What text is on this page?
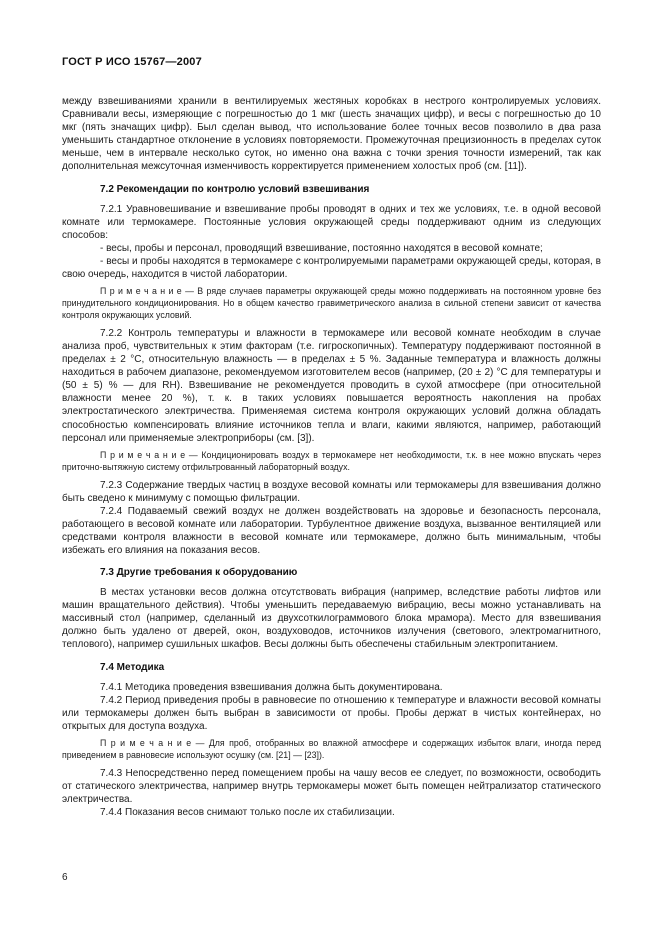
ГОСТ Р ИСО 15767—2007

между взвешиваниями хранили в вентилируемых жестяных коробках в нестрого контролируемых условиях. Сравнивали весы, измеряющие с погрешностью до 1 мкг (шесть значащих цифр), и весы с погрешностью до 10 мкг (пять значащих цифр). Был сделан вывод, что использование более точных весов позволило в два раза уменьшить стандартное отклонение в условиях повторяемости. Промежуточная прецизионность в пределах суток меньше, чем в интервале несколько суток, но именно она важна с точки зрения точности измерений, так как дополнительная межсуточная изменчивость корректируется применением холостых проб (см. [11]).

7.2 Рекомендации по контролю условий взвешивания

7.2.1 Уравновешивание и взвешивание пробы проводят в одних и тех же условиях, т.е. в одной весовой комнате или термокамере. Постоянные условия окружающей среды поддерживают одним из следующих способов:

- весы, пробы и персонал, проводящий взвешивание, постоянно находятся в весовой комнате;

- весы и пробы находятся в термокамере с контролируемыми параметрами окружающей среды, которая, в свою очередь, находится в чистой лаборатории.

П р и м е ч а н и е — В ряде случаев параметры окружающей среды можно поддерживать на постоянном уровне без принудительного кондиционирования. Но в общем качество гравиметрического анализа в сильной степени зависит от качества контроля окружающих условий.

7.2.2 Контроль температуры и влажности в термокамере или весовой комнате необходим в случае анализа проб, чувствительных к этим факторам (т.е. гигроскопичных). Температуру поддерживают постоянной в пределах ± 2 °С, относительную влажность — в пределах ± 5 %. Заданные температура и влажность должны находиться в рабочем диапазоне, рекомендуемом изготовителем весов (например, (20 ± 2) °С для температуры и (50 ± 5) % — для RH). Взвешивание не рекомендуется проводить в сухой атмосфере (при относительной влажности менее 20 %), т. к. в таких условиях повышается вероятность накопления на пробах электростатического электричества. Применяемая система контроля окружающих условий должна обладать способностью компенсировать влияние источников тепла и влаги, какими являются, например, работающий персонал или применяемые электроприборы (см. [3]).

П р и м е ч а н и е — Кондиционировать воздух в термокамере нет необходимости, т.к. в нее можно впускать через приточно-вытяжную систему отфильтрованный лабораторный воздух.

7.2.3 Содержание твердых частиц в воздухе весовой комнаты или термокамеры для взвешивания должно быть сведено к минимуму с помощью фильтрации.

7.2.4 Подаваемый свежий воздух не должен воздействовать на здоровье и безопасность персонала, работающего в весовой комнате или лаборатории. Турбулентное движение воздуха, вызванное вентиляцией или средствами контроля влажности в весовой комнате или термокамере, должно быть минимальным, чтобы избежать его влияния на показания весов.

7.3 Другие требования к оборудованию

В местах установки весов должна отсутствовать вибрация (например, вследствие работы лифтов или машин вращательного действия). Чтобы уменьшить передаваемую вибрацию, весы можно устанавливать на массивный стол (например, сделанный из двухсоткилограммового блока мрамора). Место для взвешивания должно быть удалено от дверей, окон, воздуховодов, источников излучения (светового, электромагнитного, теплового), например сушильных шкафов. Весы должны быть обеспечены стабильным электропитанием.

7.4 Методика

7.4.1 Методика проведения взвешивания должна быть документирована.

7.4.2 Период приведения пробы в равновесие по отношению к температуре и влажности весовой комнаты или термокамеры должен быть выбран в зависимости от пробы. Пробы держат в чистых контейнерах, но открытых для доступа воздуха.

П р и м е ч а н и е — Для проб, отобранных во влажной атмосфере и содержащих избыток влаги, иногда перед приведением в равновесие используют осушку (см. [21] — [23]).

7.4.3 Непосредственно перед помещением пробы на чашу весов ее следует, по возможности, освободить от статического электричества, например внутрь термокамеры может быть помещен нейтрализатор статического электричества.

7.4.4 Показания весов снимают только после их стабилизации.

6
